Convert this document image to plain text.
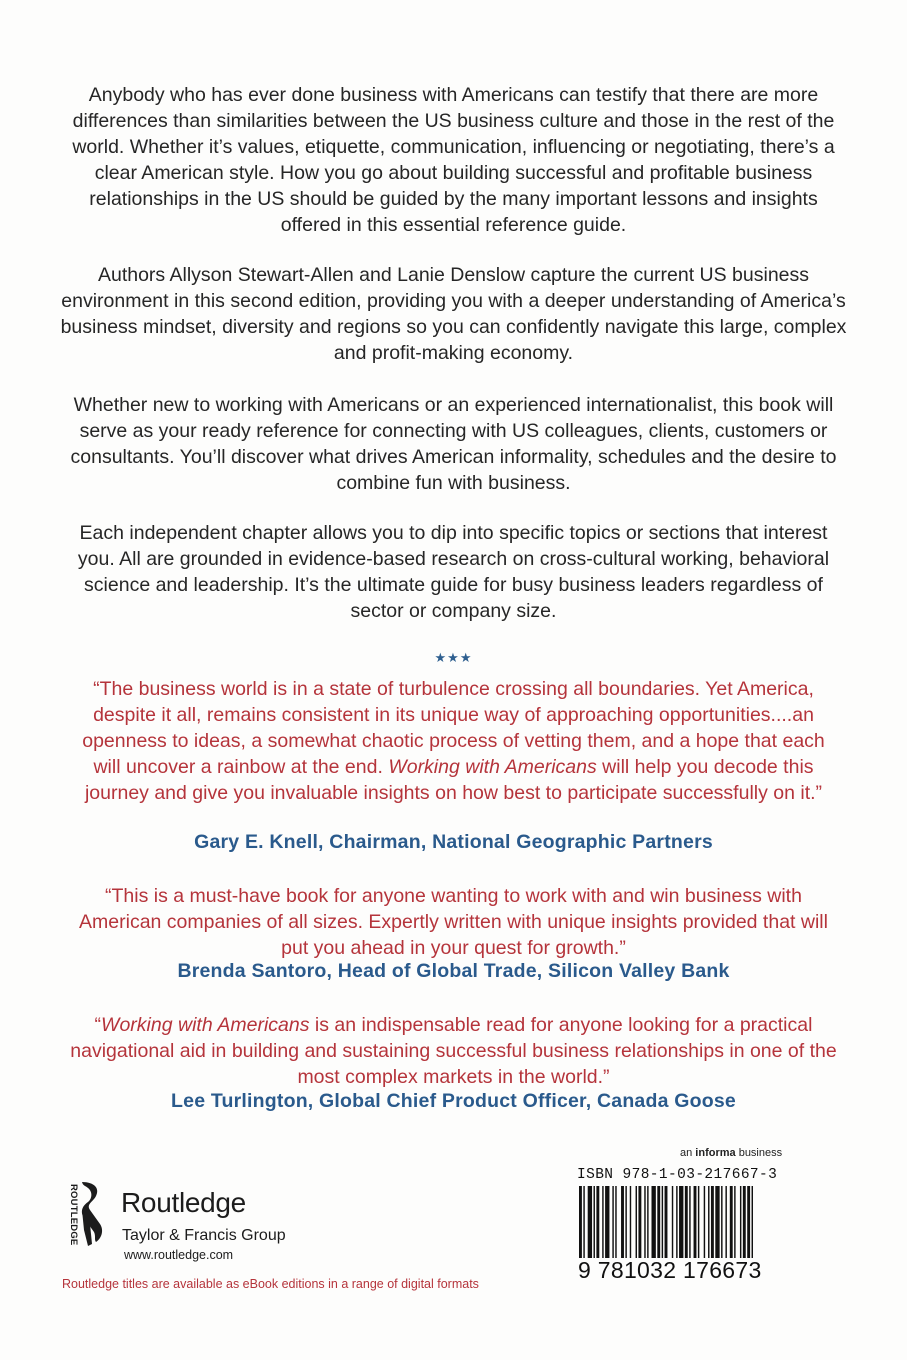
Anybody who has ever done business with Americans can testify that there are more differences than similarities between the US business culture and those in the rest of the world. Whether it’s values, etiquette, communication, influencing or negotiating, there’s a clear American style. How you go about building successful and profitable business relationships in the US should be guided by the many important lessons and insights offered in this essential reference guide.

Authors Allyson Stewart-Allen and Lanie Denslow capture the current US business environment in this second edition, providing you with a deeper understanding of America’s business mindset, diversity and regions so you can confidently navigate this large, complex and profit-making economy.

Whether new to working with Americans or an experienced internationalist, this book will serve as your ready reference for connecting with US colleagues, clients, customers or consultants. You’ll discover what drives American informality, schedules and the desire to combine fun with business.

Each independent chapter allows you to dip into specific topics or sections that interest you. All are grounded in evidence-based research on cross-cultural working, behavioral science and leadership. It’s the ultimate guide for busy business leaders regardless of sector or company size.

★★★

“The business world is in a state of turbulence crossing all boundaries. Yet America, despite it all, remains consistent in its unique way of approaching opportunities....an openness to ideas, a somewhat chaotic process of vetting them, and a hope that each will uncover a rainbow at the end. Working with Americans will help you decode this journey and give you invaluable insights on how best to participate successfully on it.”

Gary E. Knell, Chairman, National Geographic Partners

“This is a must-have book for anyone wanting to work with and win business with American companies of all sizes. Expertly written with unique insights provided that will put you ahead in your quest for growth.”

Brenda Santoro, Head of Global Trade, Silicon Valley Bank

“Working with Americans is an indispensable read for anyone looking for a practical navigational aid in building and sustaining successful business relationships in one of the most complex markets in the world.”

Lee Turlington, Global Chief Product Officer, Canada Goose
ROUTLEDGE Routledge
Taylor & Francis Group
www.routledge.com
Routledge titles are available as eBook editions in a range of digital formats
an informa business
ISBN 978-1-03-217667-3
9 781032 176673
